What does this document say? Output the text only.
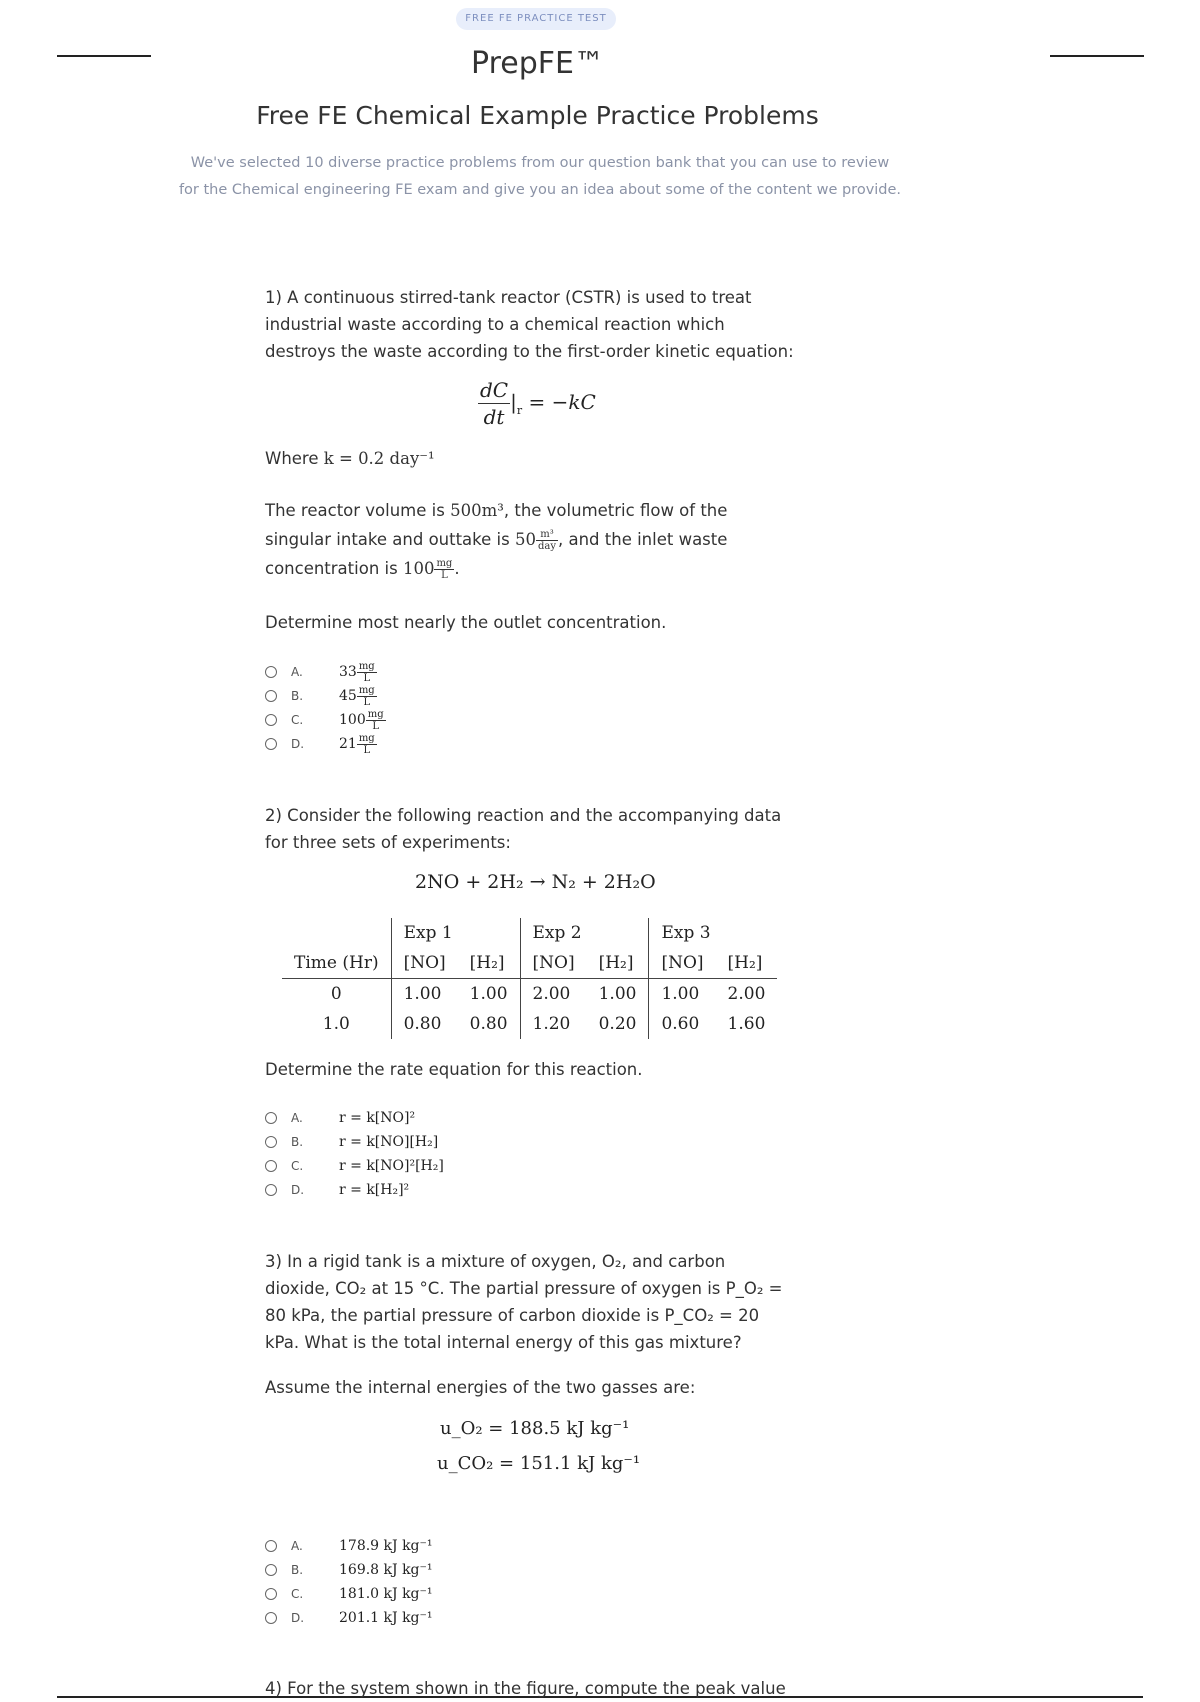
FREE FE PRACTICE TEST
PrepFE™
Free FE Chemical Example Practice Problems
We've selected 10 diverse practice problems from our question bank that you can use to review
for the Chemical engineering FE exam and give you an idea about some of the content we provide.
1) A continuous stirred-tank reactor (CSTR) is used to treat industrial waste according to a chemical reaction which destroys the waste according to the first-order kinetic equation:
$\frac{dC}{dt} |_r = -kC$
Where k = 0.2 day⁻¹
The reactor volume is 500m³, the volumetric flow of the singular intake and outtake is $50 \frac{\text{m³}}{\text{day}}$ , and the inlet waste concentration is $100 \frac{mg}{L}$ .
Determine most nearly the outlet concentration.
A.	$33 \frac{mg}{L}$
B.	$45 \frac{mg}{L}$
C.	$100 \frac{mg}{L}$
D.	$21 \frac{mg}{L}$
2) Consider the following reaction and the accompanying data for three sets of experiments:
2NO + 2H₂ → N₂ + 2H₂O
	Exp 1		Exp 2		Exp 3	
Time (Hr)	[NO]	[H₂]	[NO]	[H₂]	[NO]	[H₂]
0	1.00	1.00	2.00	1.00	1.00	2.00
1.0	0.80	0.80	1.20	0.20	0.60	1.60
Determine the rate equation for this reaction.
A.	r = k[NO]²
B.	r = k[NO][H₂]
C.	r = k[NO]²[H₂]
D.	r = k[H₂]²
3) In a rigid tank is a mixture of oxygen, O₂, and carbon dioxide, CO₂ at 15 °C. The partial pressure of oxygen is P_O₂ = 80 kPa, the partial pressure of carbon dioxide is P_CO₂ = 20 kPa. What is the total internal energy of this gas mixture?
Assume the internal energies of the two gasses are:
u_O₂ = 188.5 kJ kg⁻¹
u_CO₂ = 151.1 kJ kg⁻¹
A.	178.9 kJ kg⁻¹
B.	169.8 kJ kg⁻¹
C.	181.0 kJ kg⁻¹
D.	201.1 kJ kg⁻¹
4) For the system shown in the figure, compute the peak value
